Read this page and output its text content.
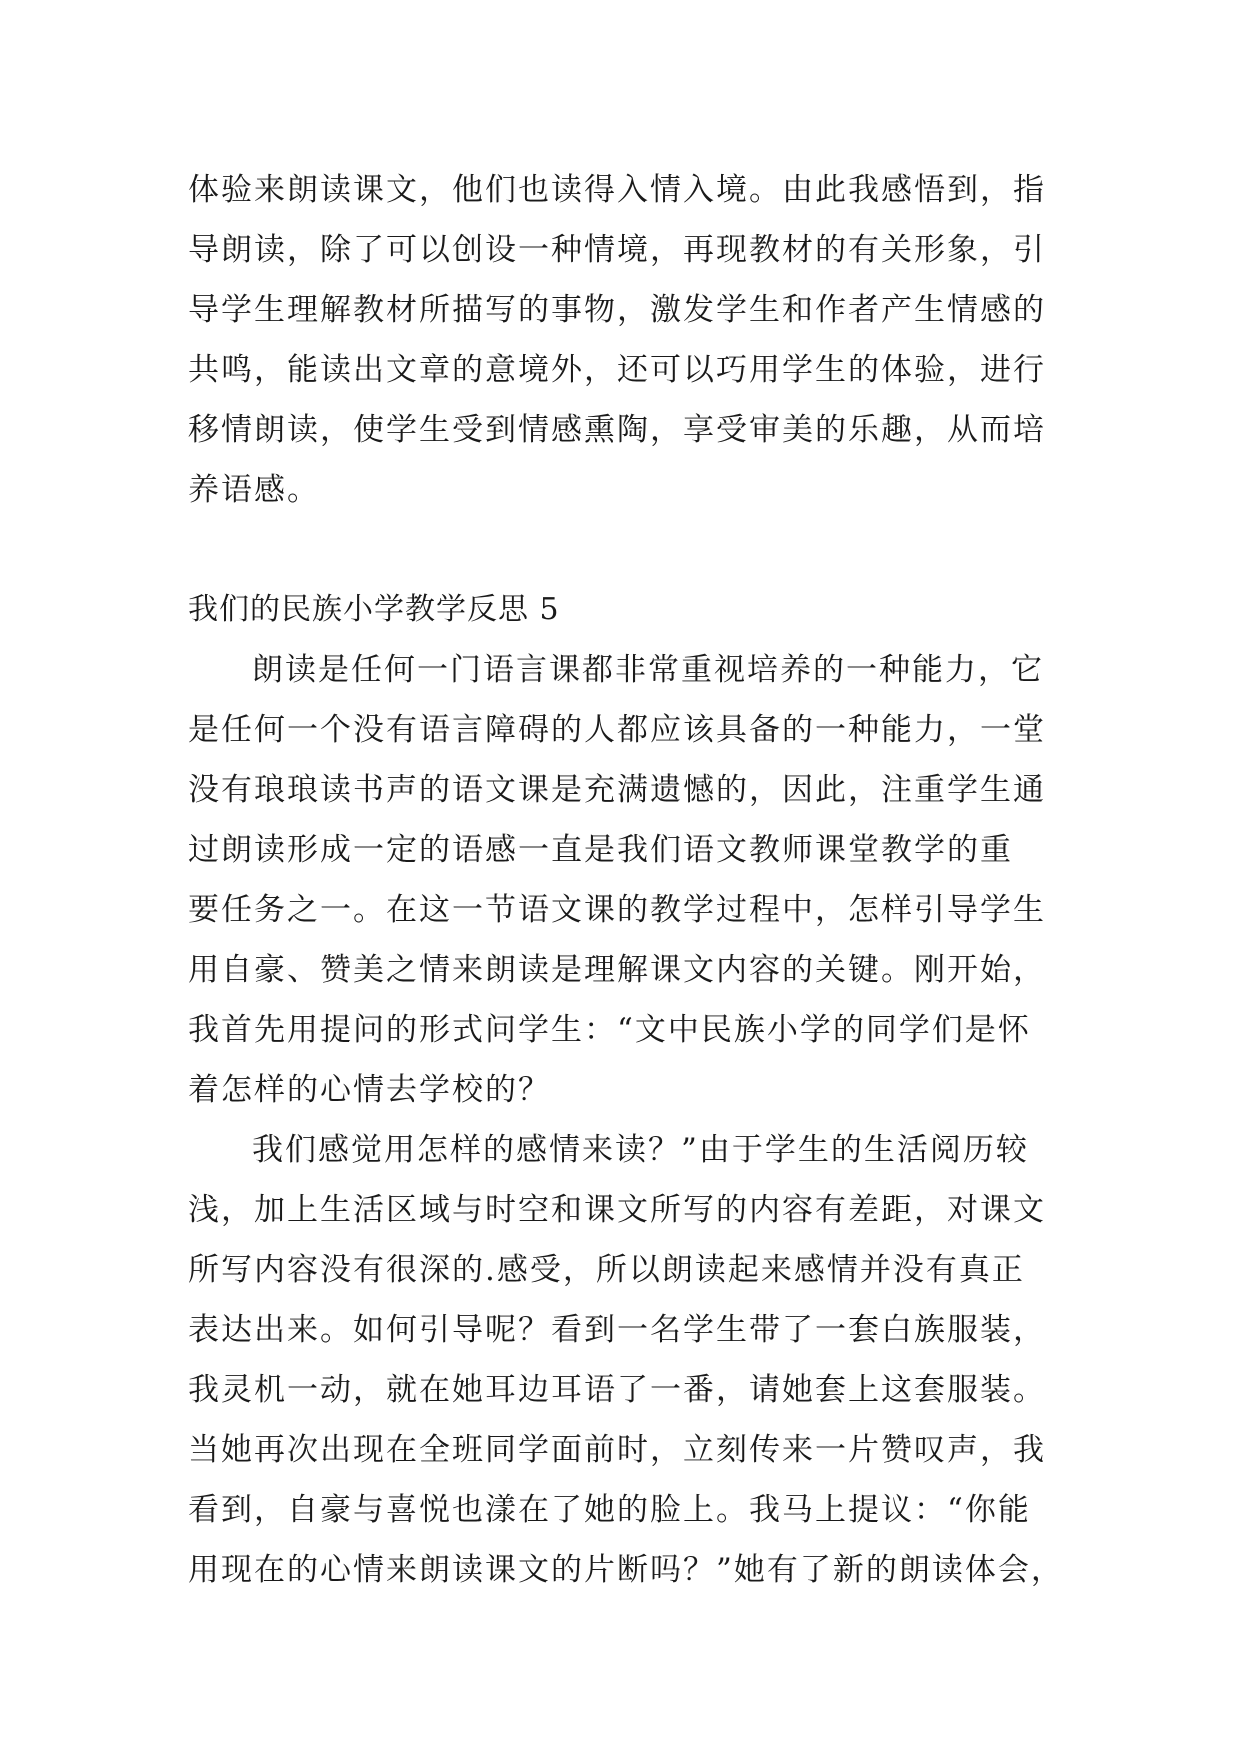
体验来朗读课文，他们也读得入情入境。由此我感悟到，指
导朗读，除了可以创设一种情境，再现教材的有关形象，引
导学生理解教材所描写的事物，激发学生和作者产生情感的
共鸣，能读出文章的意境外，还可以巧用学生的体验，进行
移情朗读，使学生受到情感熏陶，享受审美的乐趣，从而培
养语感。
我们的民族小学教学反思 5
朗读是任何一门语言课都非常重视培养的一种能力，它
是任何一个没有语言障碍的人都应该具备的一种能力，一堂
没有琅琅读书声的语文课是充满遗憾的，因此，注重学生通
过朗读形成一定的语感一直是我们语文教师课堂教学的重
要任务之一。在这一节语文课的教学过程中，怎样引导学生
用自豪、赞美之情来朗读是理解课文内容的关键。刚开始，
我首先用提问的形式问学生：“文中民族小学的同学们是怀
着怎样的心情去学校的？
我们感觉用怎样的感情来读？”由于学生的生活阅历较
浅，加上生活区域与时空和课文所写的内容有差距，对课文
所写内容没有很深的.感受，所以朗读起来感情并没有真正
表达出来。如何引导呢？看到一名学生带了一套白族服装，
我灵机一动，就在她耳边耳语了一番，请她套上这套服装。
当她再次出现在全班同学面前时，立刻传来一片赞叹声，我
看到，自豪与喜悦也漾在了她的脸上。我马上提议：“你能
用现在的心情来朗读课文的片断吗？”她有了新的朗读体会，
